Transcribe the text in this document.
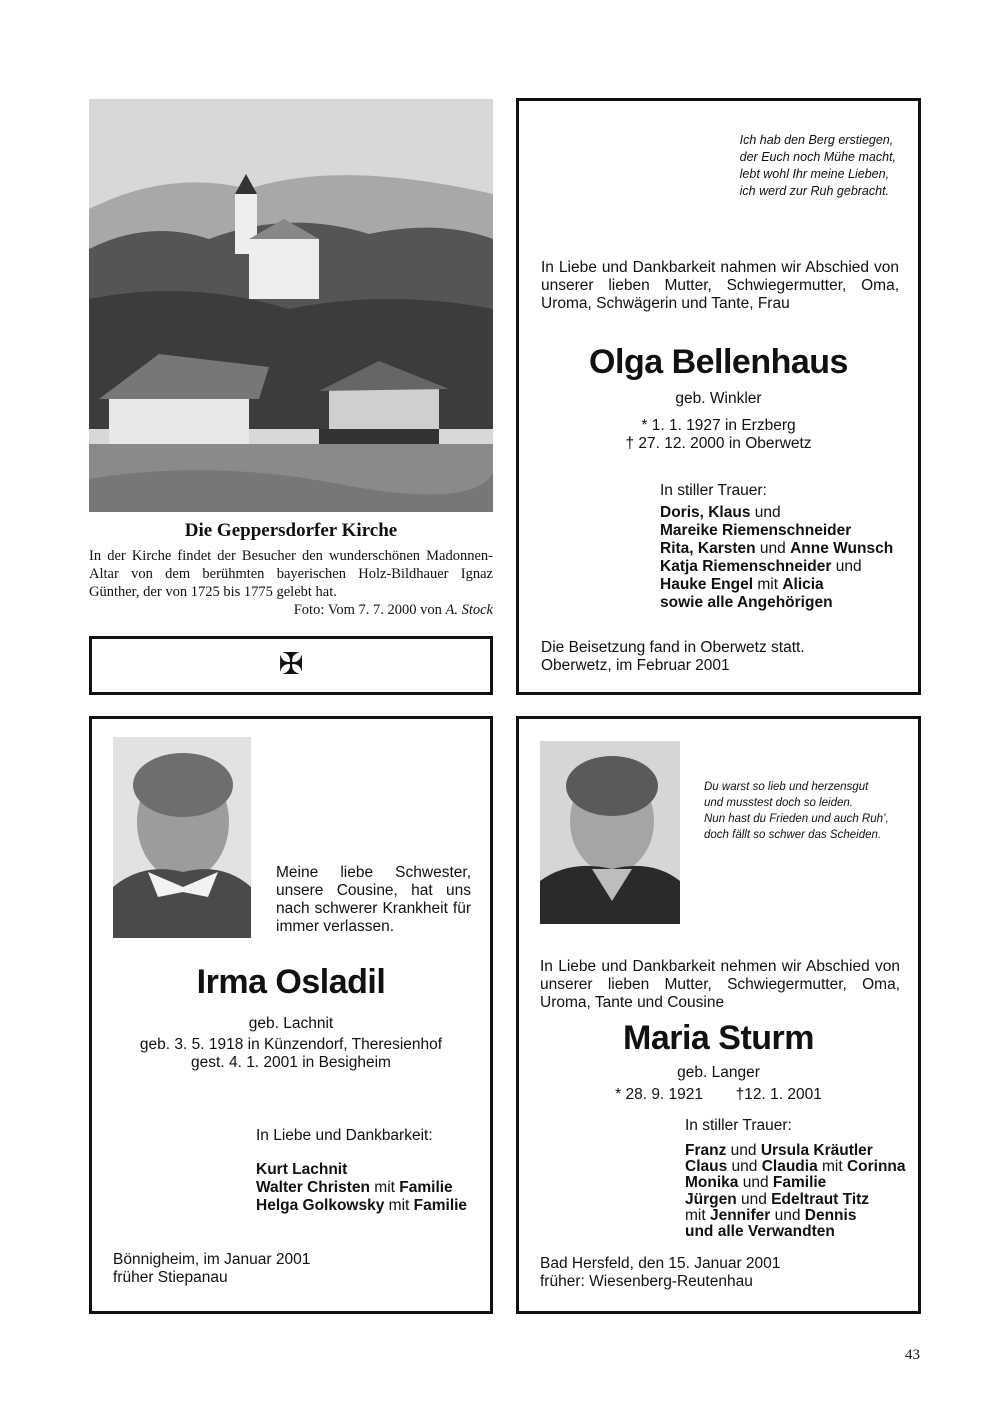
Die Geppersdorfer Kirche
In der Kirche findet der Besucher den wunderschönen Madonnen-Altar von dem berühmten bayerischen Holz-Bildhauer Ignaz Günther, der von 1725 bis 1775 gelebt hat.
Foto: Vom 7. 7. 2000 von A. Stock
✠
Ich hab den Berg erstiegen,
der Euch noch Mühe macht,
lebt wohl Ihr meine Lieben,
ich werd zur Ruh gebracht.
In Liebe und Dankbarkeit nahmen wir Abschied von unserer lieben Mutter, Schwiegermutter, Oma, Uroma, Schwägerin und Tante, Frau
Olga Bellenhaus
geb. Winkler
* 1. 1. 1927 in Erzberg
† 27. 12. 2000 in Oberwetz
In stiller Trauer:
Doris, Klaus und
Mareike Riemenschneider
Rita, Karsten und Anne Wunsch
Katja Riemenschneider und
Hauke Engel mit Alicia
sowie alle Angehörigen
Die Beisetzung fand in Oberwetz statt.
Oberwetz, im Februar 2001
Meine liebe Schwester, unsere Cousine, hat uns nach schwerer Krankheit für immer verlassen.
Irma Osladil
geb. Lachnit
geb. 3. 5. 1918 in Künzendorf, Theresienhof
gest. 4. 1. 2001 in Besigheim
In Liebe und Dankbarkeit:
Kurt Lachnit
Walter Christen mit Familie
Helga Golkowsky mit Familie
Bönnigheim, im Januar 2001
früher Stiepanau
Du warst so lieb und herzensgut
und musstest doch so leiden.
Nun hast du Frieden und auch Ruh’,
doch fällt so schwer das Scheiden.
In Liebe und Dankbarkeit nehmen wir Abschied von unserer lieben Mutter, Schwiegermutter, Oma, Uroma, Tante und Cousine
Maria Sturm
geb. Langer
* 28. 9. 1921 †12. 1. 2001
In stiller Trauer:
Franz und Ursula Kräutler
Claus und Claudia mit Corinna
Monika und Familie
Jürgen und Edeltraut Titz
mit Jennifer und Dennis
und alle Verwandten
Bad Hersfeld, den 15. Januar 2001
früher: Wiesenberg-Reutenhau
43
